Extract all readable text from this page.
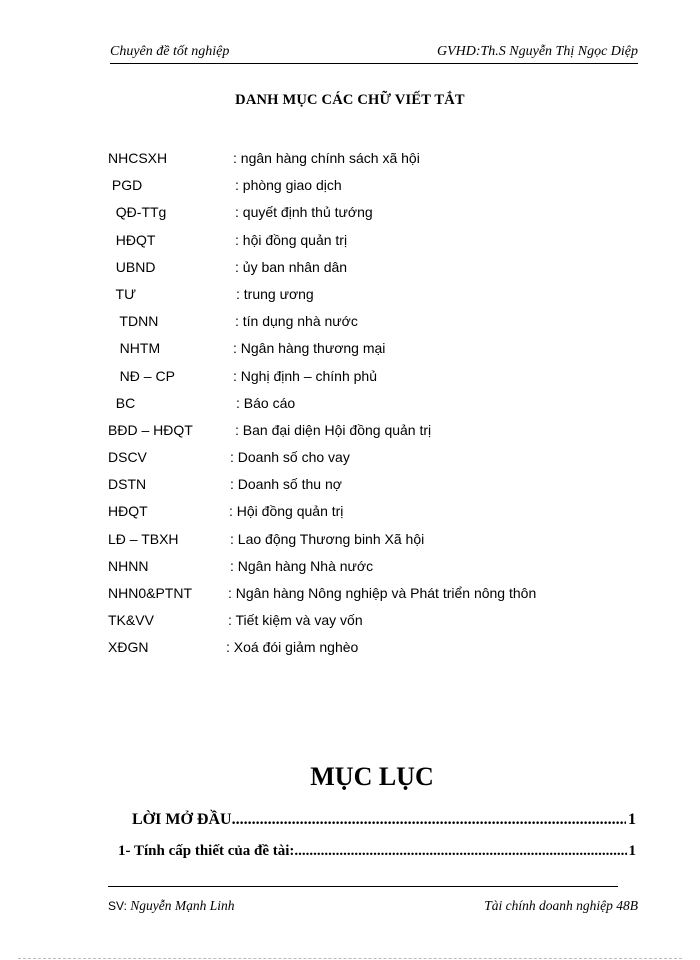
Chuyên đề tốt nghiệp	GVHD:Th.S Nguyễn Thị Ngọc Diệp
DANH MỤC CÁC CHỮ VIẾT TẮT
NHCSXH	: ngân hàng chính sách xã hội
PGD	: phòng giao dịch
QĐ-TTg	: quyết định thủ tướng
HĐQT	: hội đồng quản trị
UBND	: ủy ban nhân dân
TƯ	: trung ương
TDNN	: tín dụng nhà nước
NHTM	: Ngân hàng thương mại
NĐ – CP	: Nghị định – chính phủ
BC	: Báo cáo
BĐD – HĐQT	: Ban đại diện Hội đồng quản trị
DSCV	: Doanh số cho vay
DSTN	: Doanh số thu nợ
HĐQT	: Hội đồng quản trị
LĐ – TBXH	: Lao động Thương binh Xã hội
NHNN	: Ngân hàng Nhà nước
NHN0&PTNT	: Ngân hàng Nông nghiệp và Phát triển nông thôn
TK&VV	: Tiết kiệm và vay vốn
XĐGN	: Xoá đói giảm nghèo
MỤC LỤC
LỜI MỞ ĐẦU .....	1
1- Tính cấp thiết của đề tài: .....	1
SV: Nguyễn Mạnh Linh	Tài chính doanh nghiệp 48B
